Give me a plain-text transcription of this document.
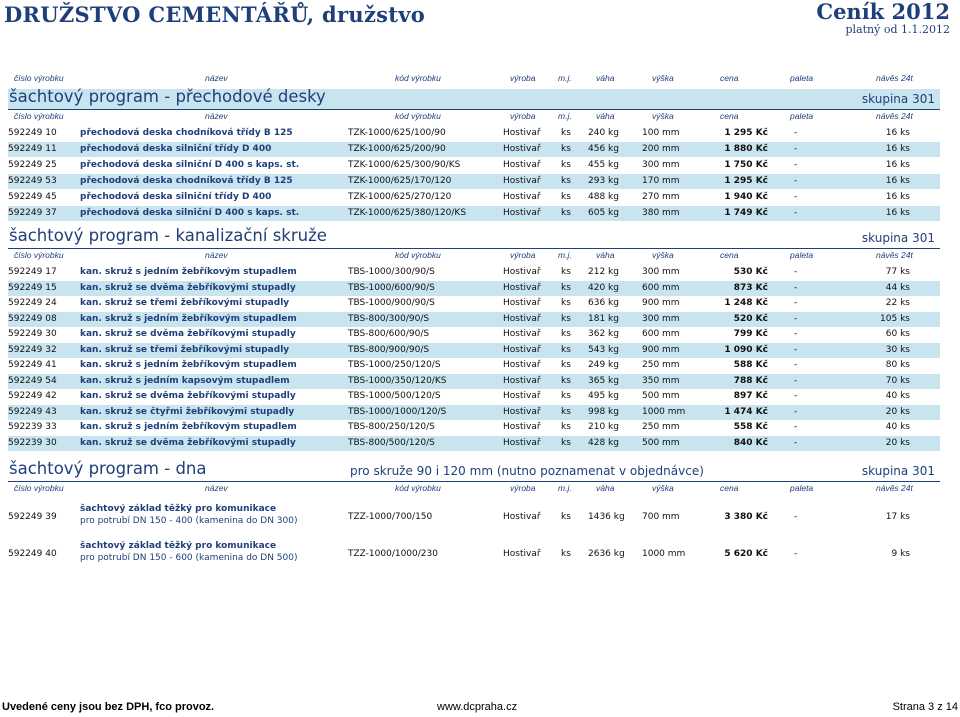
DRUŽSTVO CEMENTÁŘŮ, družstvo	Ceník 2012
platný od 1.1.2012
číslo výrobku	název	kód výrobku	výroba	m.j.	váha	výška	cena	paleta	návěs 24t
šachtový program - přechodové desky	skupina 301
číslo výrobku	název	kód výrobku	výroba	m.j.	váha	výška	cena	paleta	návěs 24t
592249 10	přechodová deska chodníková třídy B 125	TZK-1000/625/100/90	Hostivař ks 240 kg	100 mm	1 295 Kč	-	16 ks
592249 11	přechodová deska silniční třídy D 400	TZK-1000/625/200/90	Hostivař ks 456 kg	200 mm	1 880 Kč	-	16 ks
592249 25	přechodová deska silniční D 400 s kaps. st.	TZK-1000/625/300/90/KS	Hostivař ks 455 kg	300 mm	1 750 Kč	-	16 ks
592249 53	přechodová deska chodníková třídy B 125	TZK-1000/625/170/120	Hostivař ks 293 kg	170 mm	1 295 Kč	-	16 ks
592249 45	přechodová deska silniční třídy D 400	TZK-1000/625/270/120	Hostivař ks 488 kg	270 mm	1 940 Kč	-	16 ks
592249 37	přechodová deska silniční D 400 s kaps. st.	TZK-1000/625/380/120/KS	Hostivař ks 605 kg	380 mm	1 749 Kč	-	16 ks
šachtový program - kanalizační skruže	skupina 301
číslo výrobku	název	kód výrobku	výroba	m.j.	váha	výška	cena	paleta	návěs 24t
592249 17	kan. skruž s jedním žebříkovým stupadlem	TBS-1000/300/90/S	Hostivař ks 212 kg	300 mm	530 Kč	-	77 ks
592249 15	kan. skruž se dvěma žebříkovými stupadly	TBS-1000/600/90/S	Hostivař ks 420 kg	600 mm	873 Kč	-	44 ks
592249 24	kan. skruž se třemi žebříkovými stupadly	TBS-1000/900/90/S	Hostivař ks 636 kg	900 mm	1 248 Kč	-	22 ks
592249 08	kan. skruž s jedním žebříkovým stupadlem	TBS-800/300/90/S	Hostivař ks 181 kg	300 mm	520 Kč	-	105 ks
592249 30	kan. skruž se dvěma žebříkovými stupadly	TBS-800/600/90/S	Hostivař ks 362 kg	600 mm	799 Kč	-	60 ks
592249 32	kan. skruž se třemi žebříkovými stupadly	TBS-800/900/90/S	Hostivař ks 543 kg	900 mm	1 090 Kč	-	30 ks
592249 41	kan. skruž s jedním žebříkovým stupadlem	TBS-1000/250/120/S	Hostivař ks 249 kg	250 mm	588 Kč	-	80 ks
592249 54	kan. skruž s jedním kapsovým stupadlem	TBS-1000/350/120/KS	Hostivař ks 365 kg	350 mm	788 Kč	-	70 ks
592249 42	kan. skruž se dvěma žebříkovými stupadly	TBS-1000/500/120/S	Hostivař ks 495 kg	500 mm	897 Kč	-	40 ks
592249 43	kan. skruž se čtyřmi žebříkovými stupadly	TBS-1000/1000/120/S	Hostivař ks 998 kg	1000 mm	1 474 Kč	-	20 ks
592239 33	kan. skruž s jedním žebříkovým stupadlem	TBS-800/250/120/S	Hostivař ks 210 kg	250 mm	558 Kč	-	40 ks
592239 30	kan. skruž se dvěma žebříkovými stupadly	TBS-800/500/120/S	Hostivař ks 428 kg	500 mm	840 Kč	-	20 ks
šachtový program - dna	pro skruže 90 i 120 mm (nutno poznamenat v objednávce)	skupina 301
číslo výrobku	název	kód výrobku	výroba	m.j.	váha	výška	cena	paleta	návěs 24t
592249 39
šachtový základ těžký pro komunikace
pro potrubí DN 150 - 400 (kamenina do DN 300)	TZZ-1000/700/150	Hostivař ks 1436 kg 700 mm	3 380 Kč	-	17 ks
592249 40
šachtový základ těžký pro komunikace
pro potrubí DN 150 - 600 (kamenina do DN 500)	TZZ-1000/1000/230	Hostivař ks 2636 kg 1000 mm	5 620 Kč	-	9 ks
Uvedené ceny jsou bez DPH, fco provoz.	www.dcpraha.cz	Strana 3 z 14
